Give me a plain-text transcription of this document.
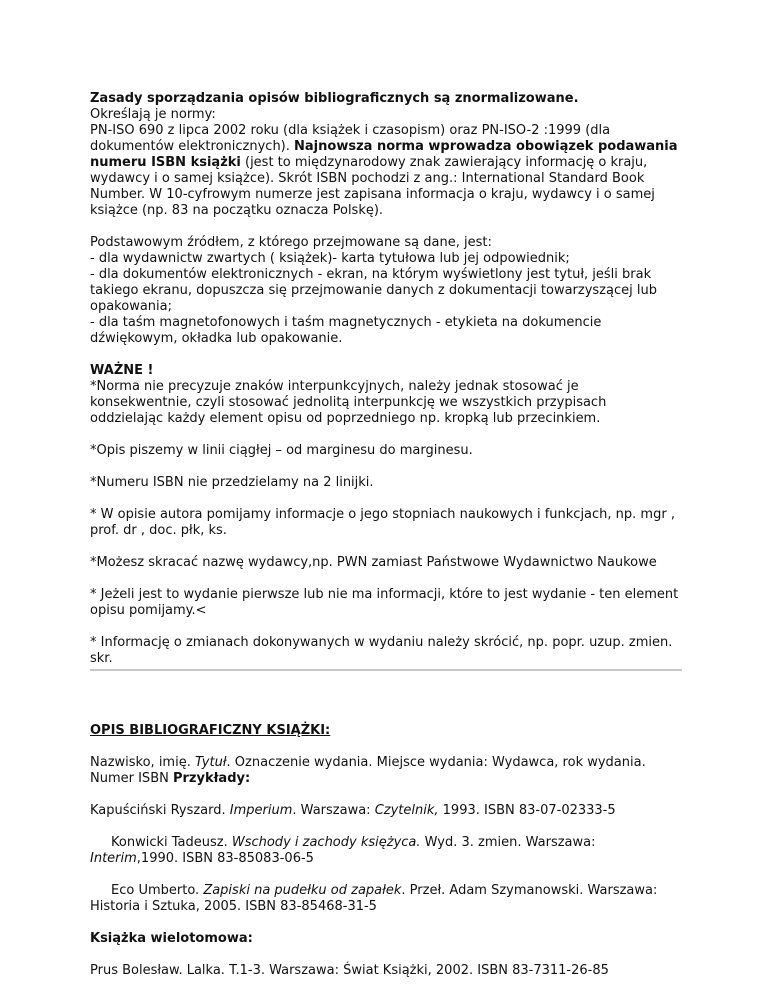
Zasady sporządzania opisów bibliograficznych są znormalizowane.
Określają je normy:
PN-ISO 690 z lipca 2002 roku (dla książek i czasopism) oraz PN-ISO-2 :1999 (dla dokumentów elektronicznych). Najnowsza norma wprowadza obowiązek podawania numeru ISBN książki (jest to międzynarodowy znak zawierający informację o kraju, wydawcy i o samej książce). Skrót ISBN pochodzi z ang.: International Standard Book Number. W 10-cyfrowym numerze jest zapisana informacja o kraju, wydawcy i o samej książce (np. 83 na początku oznacza Polskę).

Podstawowym źródłem, z którego przejmowane są dane, jest:
- dla wydawnictw zwartych ( książek)- karta tytułowa lub jej odpowiednik;
- dla dokumentów elektronicznych - ekran, na którym wyświetlony jest tytuł, jeśli brak takiego ekranu, dopuszcza się przejmowanie danych z dokumentacji towarzyszącej lub opakowania;
- dla taśm magnetofonowych i taśm magnetycznych - etykieta na dokumencie dźwiękowym, okładka lub opakowanie.

WAŻNE !
*Norma nie precyzuje znaków interpunkcyjnych, należy jednak stosować je konsekwentnie, czyli stosować jednolitą interpunkcję we wszystkich przypisach oddzielając każdy element opisu od poprzedniego np. kropką lub przecinkiem.

*Opis piszemy w linii ciągłej – od marginesu do marginesu.

*Numeru ISBN nie przedzielamy na 2 linijki.

* W opisie autora pomijamy informacje o jego stopniach naukowych i funkcjach, np. mgr , prof. dr , doc. płk, ks.

*Możesz skracać nazwę wydawcy,np. PWN zamiast Państwowe Wydawnictwo Naukowe

* Jeżeli jest to wydanie pierwsze lub nie ma informacji, które to jest wydanie - ten element opisu pomijamy.<

* Informację o zmianach dokonywanych w wydaniu należy skrócić, np. popr. uzup. zmien. skr.

OPIS BIBLIOGRAFICZNY KSIĄŻKI:

Nazwisko, imię. Tytuł. Oznaczenie wydania. Miejsce wydania: Wydawca, rok wydania. Numer ISBN Przykłady:

Kapuściński Ryszard. Imperium. Warszawa: Czytelnik, 1993. ISBN 83-07-02333-5

Konwicki Tadeusz. Wschody i zachody księżyca. Wyd. 3. zmien. Warszawa: Interim,1990. ISBN 83-85083-06-5

Eco Umberto. Zapiski na pudełku od zapałek. Przeł. Adam Szymanowski. Warszawa: Historia i Sztuka, 2005. ISBN 83-85468-31-5

Książka wielotomowa:

Prus Bolesław. Lalka. T.1-3. Warszawa: Świat Książki, 2002. ISBN 83-7311-26-85
